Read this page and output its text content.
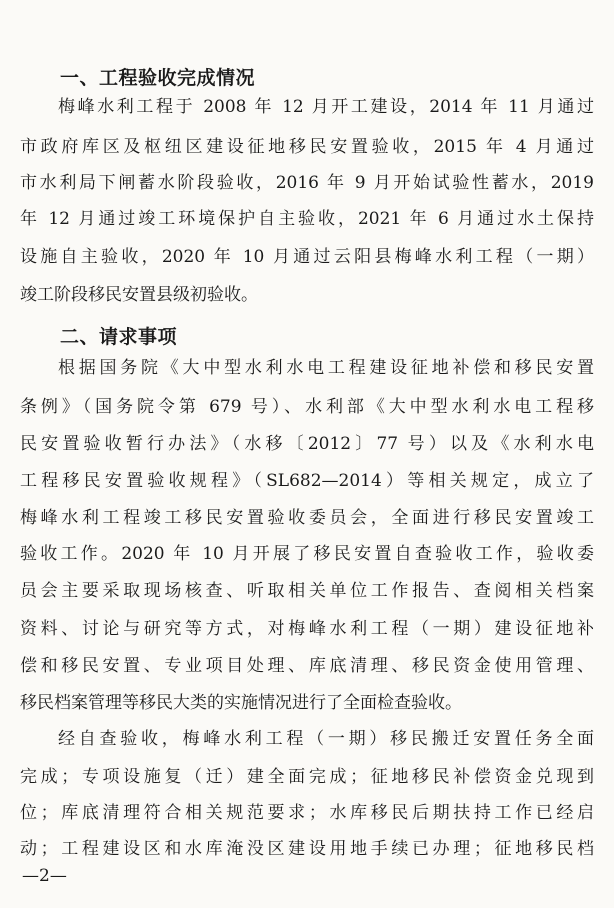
一、工程验收完成情况
梅峰水利工程于 2008 年 12 月开工建设，2014 年 11 月通过
市政府库区及枢纽区建设征地移民安置验收，2015 年 4 月通过
市水利局下闸蓄水阶段验收，2016 年 9 月开始试验性蓄水，2019
年 12 月通过竣工环境保护自主验收，2021 年 6 月通过水土保持
设施自主验收，2020 年 10 月通过云阳县梅峰水利工程（一期）
竣工阶段移民安置县级初验收。
二、请求事项
根据国务院《大中型水利水电工程建设征地补偿和移民安置
条例》（国务院令第 679 号）、水利部《大中型水利水电工程移
民安置验收暂行办法》（水移〔2012〕77 号）以及《水利水电
工程移民安置验收规程》（SL682—2014）等相关规定，成立了
梅峰水利工程竣工移民安置验收委员会，全面进行移民安置竣工
验收工作。2020 年 10 月开展了移民安置自查验收工作，验收委
员会主要采取现场核查、听取相关单位工作报告、查阅相关档案
资料、讨论与研究等方式，对梅峰水利工程（一期）建设征地补
偿和移民安置、专业项目处理、库底清理、移民资金使用管理、
移民档案管理等移民大类的实施情况进行了全面检查验收。
经自查验收，梅峰水利工程（一期）移民搬迁安置任务全面
完成；专项设施复（迁）建全面完成；征地移民补偿资金兑现到
位；库底清理符合相关规范要求；水库移民后期扶持工作已经启
动；工程建设区和水库淹没区建设用地手续已办理；征地移民档
—2—
